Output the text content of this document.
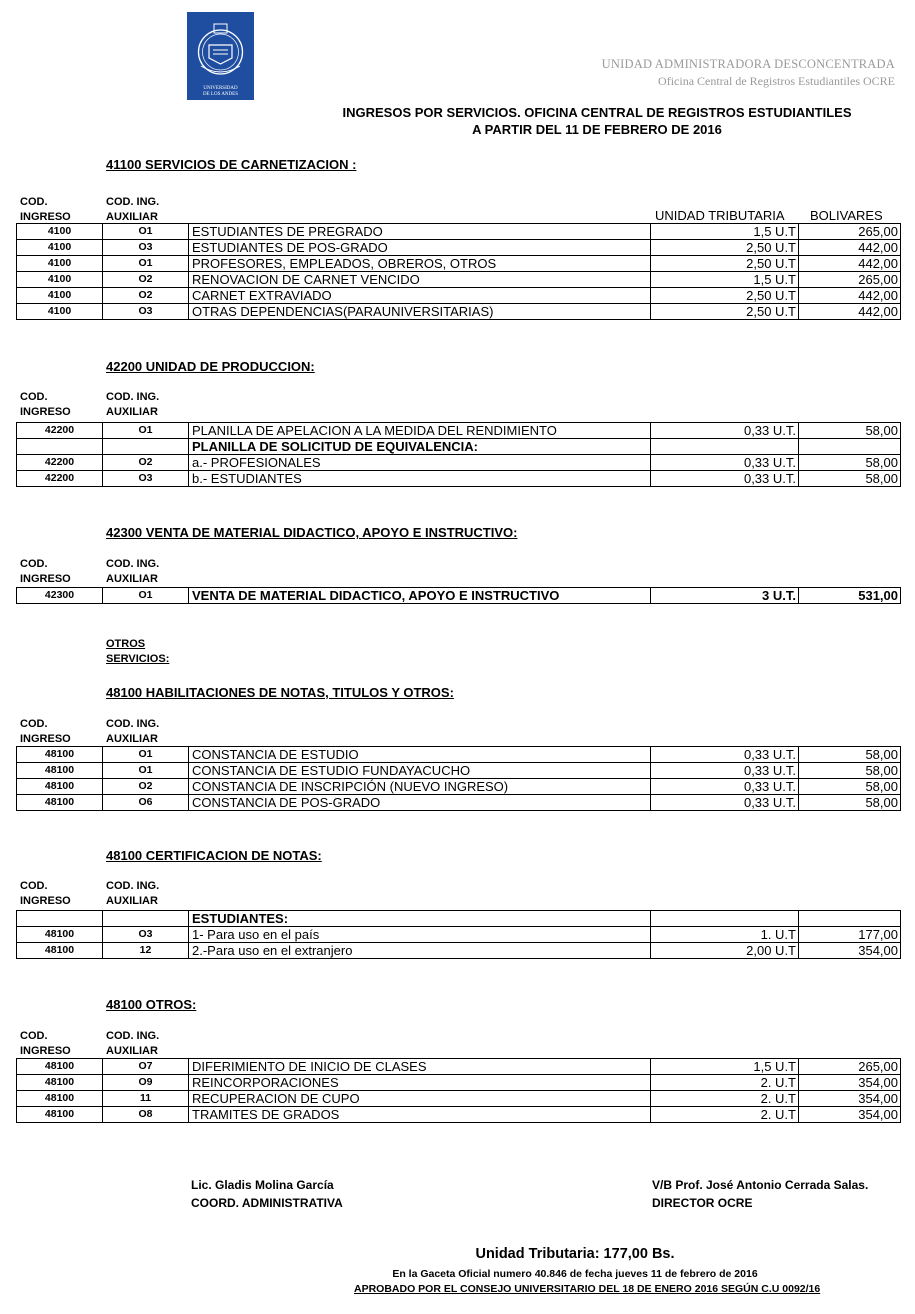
UNIVERSIDAD
DE LOS ANDES
UNIDAD ADMINISTRADORA DESCONCENTRADA
Oficina Central de Registros Estudiantiles OCRE
INGRESOS POR SERVICIOS. OFICINA CENTRAL DE REGISTROS ESTUDIANTILES
A PARTIR DEL 11 DE FEBRERO DE 2016
41100 SERVICIOS DE CARNETIZACION :
COD.
INGRESO
COD. ING.
AUXILIAR	UNIDAD TRIBUTARIA BOLIVARES
4100	O1	ESTUDIANTES DE PREGRADO	1,5 U.T	265,00
4100	O3	ESTUDIANTES DE POS-GRADO	2,50 U.T	442,00
4100	O1	PROFESORES, EMPLEADOS, OBREROS, OTROS	2,50 U.T	442,00
4100	O2	RENOVACION DE CARNET VENCIDO	1,5 U.T	265,00
4100	O2	CARNET EXTRAVIADO	2,50 U.T	442,00
4100	O3	OTRAS DEPENDENCIAS(PARAUNIVERSITARIAS)	2,50 U.T	442,00
42200 UNIDAD DE PRODUCCION:
COD.
INGRESO
COD. ING.
AUXILIAR
42200	O1	PLANILLA DE APELACION A LA MEDIDA DEL RENDIMIENTO	0,33 U.T.	58,00
		PLANILLA DE SOLICITUD DE EQUIVALENCIA:		
42200	O2	a.- PROFESIONALES	0,33 U.T.	58,00
42200	O3	b.- ESTUDIANTES	0,33 U.T.	58,00
42300 VENTA DE MATERIAL DIDACTICO, APOYO E INSTRUCTIVO:
COD.
INGRESO
COD. ING.
AUXILIAR
42300	O1	VENTA DE MATERIAL DIDACTICO, APOYO E INSTRUCTIVO	3 U.T.	531,00
OTROS
SERVICIOS:
48100 HABILITACIONES DE NOTAS, TITULOS Y OTROS:
COD.
INGRESO
COD. ING.
AUXILIAR
48100	O1	CONSTANCIA DE ESTUDIO	0,33 U.T.	58,00
48100	O1	CONSTANCIA DE ESTUDIO FUNDAYACUCHO	0,33 U.T.	58,00
48100	O2	CONSTANCIA DE INSCRIPCIÓN (NUEVO INGRESO)	0,33 U.T.	58,00
48100	O6	CONSTANCIA DE POS-GRADO	0,33 U.T.	58,00
48100 CERTIFICACION DE NOTAS:
COD.
INGRESO
COD. ING.
AUXILIAR
		ESTUDIANTES:		
48100	O3	1- Para uso en el país	1. U.T	177,00
48100	12	2.-Para uso en el extranjero	2,00 U.T	354,00
48100 OTROS:
COD.
INGRESO
COD. ING.
AUXILIAR
48100	O7	DIFERIMIENTO DE INICIO DE CLASES	1,5 U.T	265,00
48100	O9	REINCORPORACIONES	2. U.T	354,00
48100	11	RECUPERACION DE CUPO	2. U.T	354,00
48100	O8	TRAMITES DE GRADOS	2. U.T	354,00
Lic. Gladis Molina García
COORD. ADMINISTRATIVA
V/B Prof. José Antonio Cerrada Salas.
DIRECTOR OCRE
Unidad Tributaria: 177,00 Bs.
En la Gaceta Oficial numero 40.846 de fecha jueves 11 de febrero de 2016
APROBADO POR EL CONSEJO UNIVERSITARIO DEL 18 DE ENERO 2016 SEGÚN C.U 0092/16
